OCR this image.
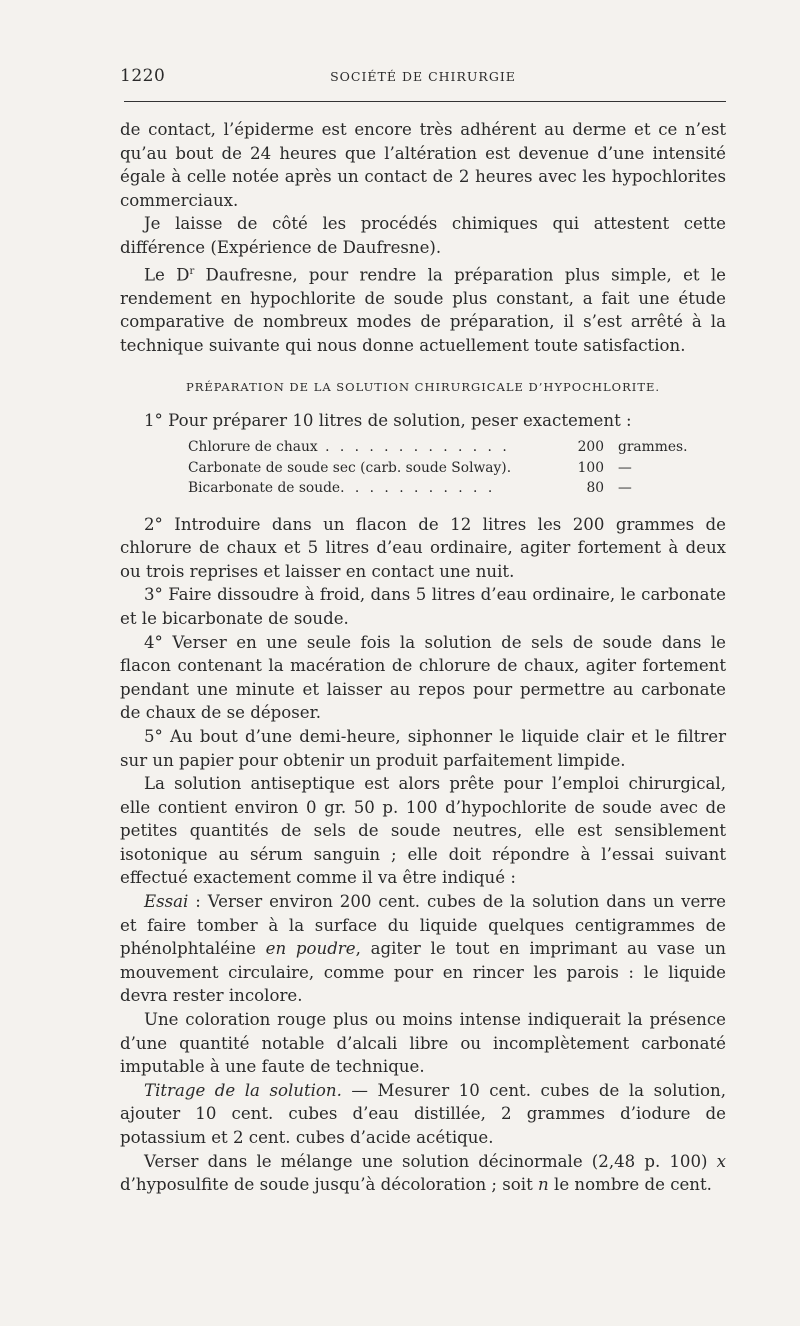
1220	SOCIÉTÉ DE CHIRURGIE

de contact, l’épiderme est encore très adhérent au derme et ce n’est qu’au bout de 24 heures que l’altération est devenue d’une intensité égale à celle notée après un contact de 2 heures avec les hypochlorites commerciaux.

Je laisse de côté les procédés chimiques qui attestent cette différence (Expérience de Daufresne).

Le $D^r$ Daufresne, pour rendre la préparation plus simple, et le rendement en hypochlorite de soude plus constant, a fait une étude comparative de nombreux modes de préparation, il s’est arrêté à la technique suivante qui nous donne actuellement toute satisfaction.

PRÉPARATION DE LA SOLUTION CHIRURGICALE D’HYPOCHLORITE.

1° Pour préparer 10 litres de solution, peser exactement :

Chlorure de chaux . . . . . . . . . . . . .	200	grammes.
Carbonate de soude sec (carb. soude Solway).	100	—
Bicarbonate de soude. . . . . . . . . . .	80	—

2° Introduire dans un flacon de 12 litres les 200 grammes de chlorure de chaux et 5 litres d’eau ordinaire, agiter fortement à deux ou trois reprises et laisser en contact une nuit.

3° Faire dissoudre à froid, dans 5 litres d’eau ordinaire, le carbonate et le bicarbonate de soude.

4° Verser en une seule fois la solution de sels de soude dans le flacon contenant la macération de chlorure de chaux, agiter fortement pendant une minute et laisser au repos pour permettre au carbonate de chaux de se déposer.

5° Au bout d’une demi-heure, siphonner le liquide clair et le filtrer sur un papier pour obtenir un produit parfaitement limpide.

La solution antiseptique est alors prête pour l’emploi chirurgical, elle contient environ 0 gr. 50 p. 100 d’hypochlorite de soude avec de petites quantités de sels de soude neutres, elle est sensiblement isotonique au sérum sanguin ; elle doit répondre à l’essai suivant effectué exactement comme il va être indiqué :

Essai : Verser environ 200 cent. cubes de la solution dans un verre et faire tomber à la surface du liquide quelques centigrammes de phénolphtaléine en poudre, agiter le tout en imprimant au vase un mouvement circulaire, comme pour en rincer les parois : le liquide devra rester incolore.

Une coloration rouge plus ou moins intense indiquerait la présence d’une quantité notable d’alcali libre ou incomplètement carbonaté imputable à une faute de technique.

Titrage de la solution. — Mesurer 10 cent. cubes de la solution, ajouter 10 cent. cubes d’eau distillée, 2 grammes d’iodure de potassium et 2 cent. cubes d’acide acétique.

Verser dans le mélange une solution décinormale (2,48 p. 100) x d’hyposulfite de soude jusqu’à décoloration ; soit n le nombre de cent.
